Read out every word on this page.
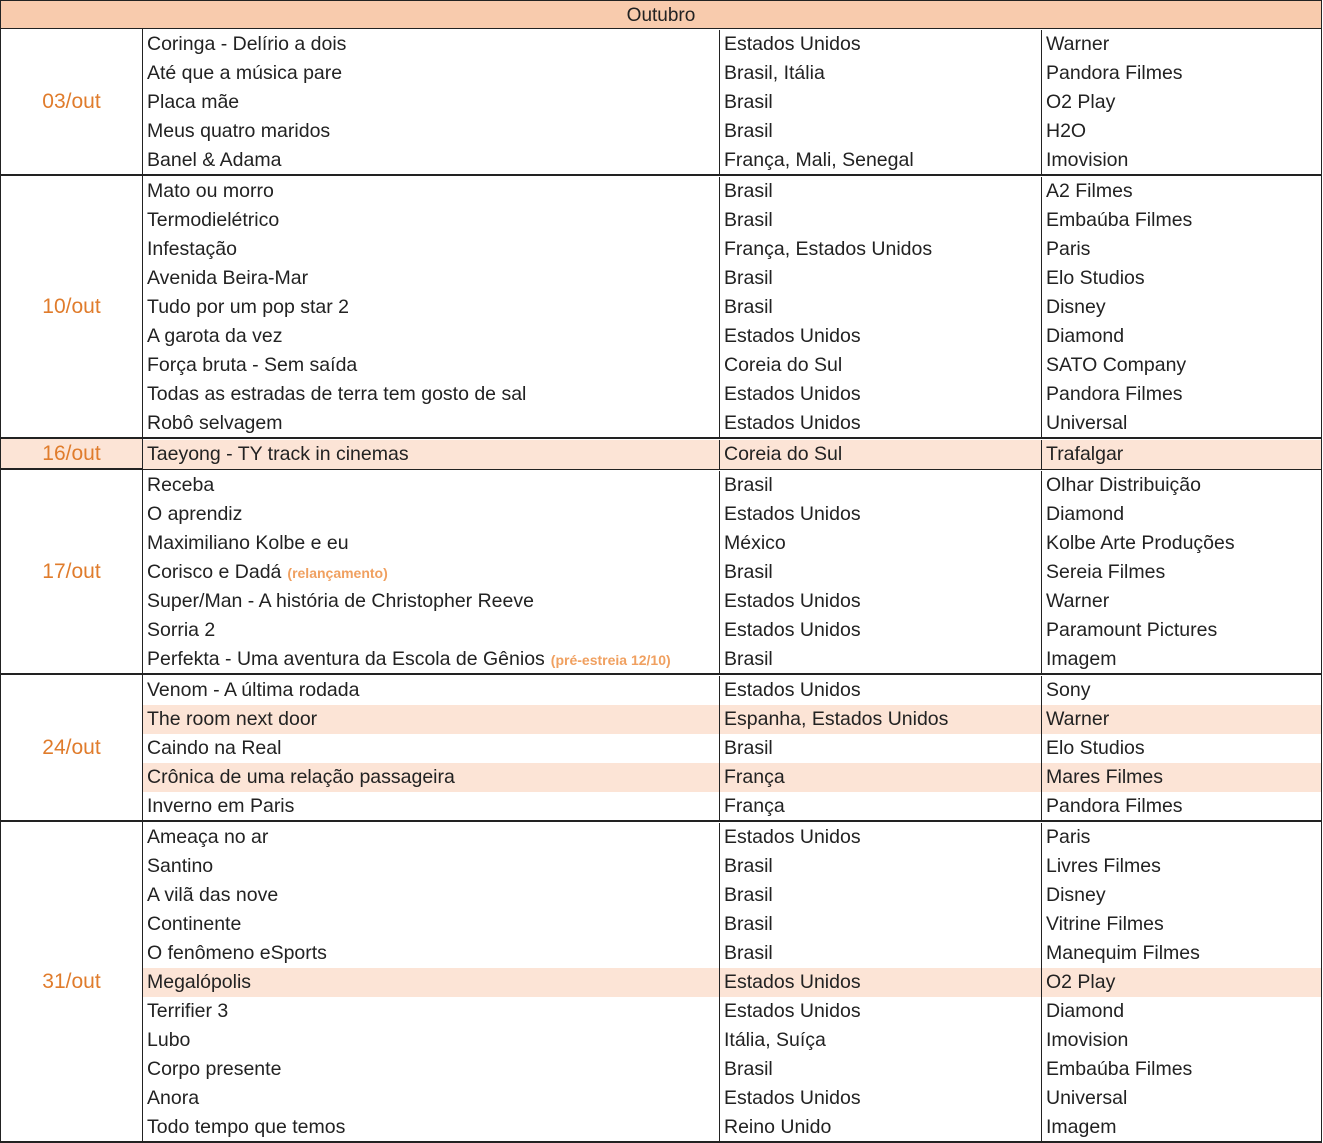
Outubro
03/out
Coringa - Delírio a dois	Estados Unidos	Warner
Até que a música pare	Brasil, Itália	Pandora Filmes
Placa mãe	Brasil	O2 Play
Meus quatro maridos	Brasil	H2O
Banel & Adama	França, Mali, Senegal	Imovision
10/out
Mato ou morro	Brasil	A2 Filmes
Termodielétrico	Brasil	Embaúba Filmes
Infestação	França, Estados Unidos	Paris
Avenida Beira-Mar	Brasil	Elo Studios
Tudo por um pop star 2	Brasil	Disney
A garota da vez	Estados Unidos	Diamond
Força bruta - Sem saída	Coreia do Sul	SATO Company
Todas as estradas de terra tem gosto de sal	Estados Unidos	Pandora Filmes
Robô selvagem	Estados Unidos	Universal
16/out	Taeyong - TY track in cinemas	Coreia do Sul	Trafalgar
17/out
Receba	Brasil	Olhar Distribuição
O aprendiz	Estados Unidos	Diamond
Maximiliano Kolbe e eu	México	Kolbe Arte Produções
Corisco e Dadá (relançamento)	Brasil	Sereia Filmes
Super/Man - A história de Christopher Reeve	Estados Unidos	Warner
Sorria 2	Estados Unidos	Paramount Pictures
Perfekta - Uma aventura da Escola de Gênios (pré-estreia 12/10)	Brasil	Imagem
24/out
Venom - A última rodada	Estados Unidos	Sony
The room next door	Espanha, Estados Unidos	Warner
Caindo na Real	Brasil	Elo Studios
Crônica de uma relação passageira	França	Mares Filmes
Inverno em Paris	França	Pandora Filmes
31/out
Ameaça no ar	Estados Unidos	Paris
Santino	Brasil	Livres Filmes
A vilã das nove	Brasil	Disney
Continente	Brasil	Vitrine Filmes
O fenômeno eSports	Brasil	Manequim Filmes
Megalópolis	Estados Unidos	O2 Play
Terrifier 3	Estados Unidos	Diamond
Lubo	Itália, Suíça	Imovision
Corpo presente	Brasil	Embaúba Filmes
Anora	Estados Unidos	Universal
Todo tempo que temos	Reino Unido	Imagem
